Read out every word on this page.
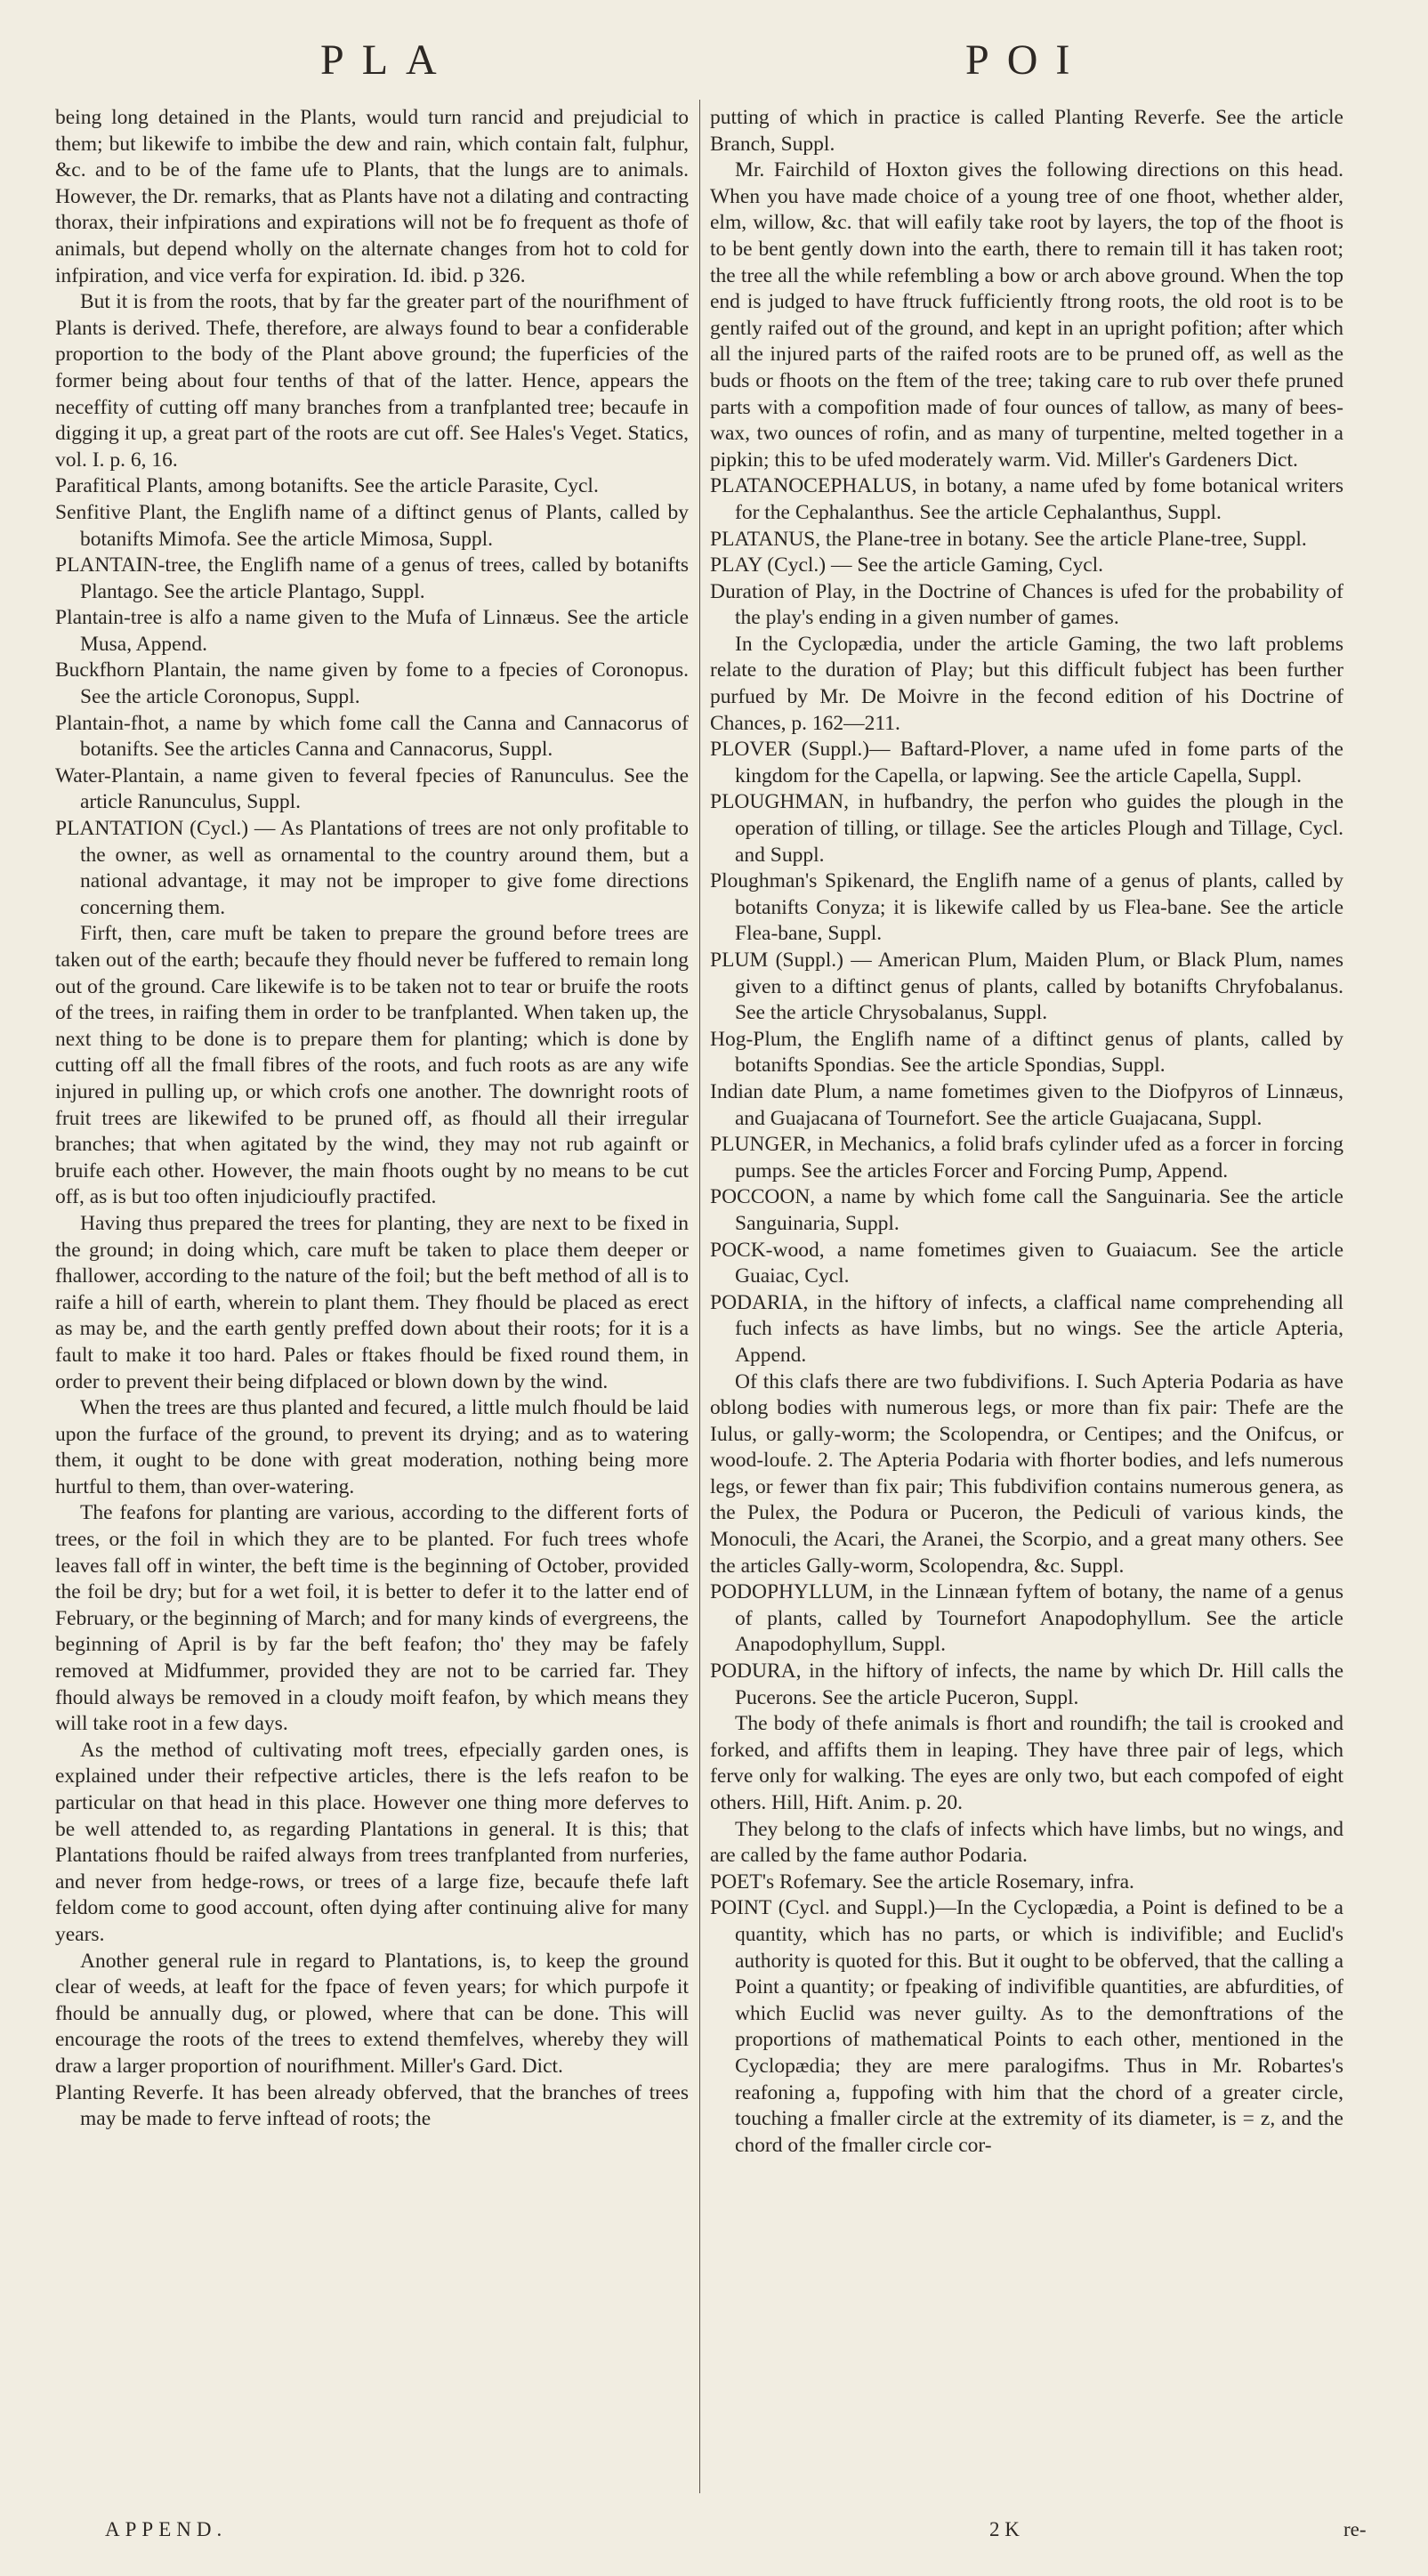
PLA	POI

being long detained in the Plants, would turn rancid and prejudicial to them; but likewife to imbibe the dew and rain, which contain falt, fulphur, &c. and to be of the fame ufe to Plants, that the lungs are to animals. However, the Dr. remarks, that as Plants have not a dilating and contracting thorax, their infpirations and expirations will not be fo frequent as thofe of animals, but depend wholly on the alternate changes from hot to cold for infpiration, and vice verfa for expiration. Id. ibid. p 326.

But it is from the roots, that by far the greater part of the nourifhment of Plants is derived. Thefe, therefore, are always found to bear a confiderable proportion to the body of the Plant above ground; the fuperficies of the former being about four tenths of that of the latter. Hence, appears the neceffity of cutting off many branches from a tranfplanted tree; becaufe in digging it up, a great part of the roots are cut off. See Hales's Veget. Statics, vol. I. p. 6, 16.

Parafitical Plants, among botanifts. See the article Parasite, Cycl.

Senfitive Plant, the Englifh name of a diftinct genus of Plants, called by botanifts Mimofa. See the article Mimosa, Suppl.

PLANTAIN-tree, the Englifh name of a genus of trees, called by botanifts Plantago. See the article Plantago, Suppl.

Plantain-tree is alfo a name given to the Mufa of Linnæus. See the article Musa, Append.

Buckfhorn Plantain, the name given by fome to a fpecies of Coronopus. See the article Coronopus, Suppl.

Plantain-fhot, a name by which fome call the Canna and Cannacorus of botanifts. See the articles Canna and Cannacorus, Suppl.

Water-Plantain, a name given to feveral fpecies of Ranunculus. See the article Ranunculus, Suppl.

PLANTATION (Cycl.) — As Plantations of trees are not only profitable to the owner, as well as ornamental to the country around them, but a national advantage, it may not be improper to give fome directions concerning them.

Firft, then, care muft be taken to prepare the ground before trees are taken out of the earth; becaufe they fhould never be fuffered to remain long out of the ground. Care likewife is to be taken not to tear or bruife the roots of the trees, in raifing them in order to be tranfplanted. When taken up, the next thing to be done is to prepare them for planting; which is done by cutting off all the fmall fibres of the roots, and fuch roots as are any wife injured in pulling up, or which crofs one another. The downright roots of fruit trees are likewifed to be pruned off, as fhould all their irregular branches; that when agitated by the wind, they may not rub againft or bruife each other. However, the main fhoots ought by no means to be cut off, as is but too often injudicioufly practifed.

Having thus prepared the trees for planting, they are next to be fixed in the ground; in doing which, care muft be taken to place them deeper or fhallower, according to the nature of the foil; but the beft method of all is to raife a hill of earth, wherein to plant them. They fhould be placed as erect as may be, and the earth gently preffed down about their roots; for it is a fault to make it too hard. Pales or ftakes fhould be fixed round them, in order to prevent their being difplaced or blown down by the wind.

When the trees are thus planted and fecured, a little mulch fhould be laid upon the furface of the ground, to prevent its drying; and as to watering them, it ought to be done with great moderation, nothing being more hurtful to them, than over-watering.

The feafons for planting are various, according to the different forts of trees, or the foil in which they are to be planted. For fuch trees whofe leaves fall off in winter, the beft time is the beginning of October, provided the foil be dry; but for a wet foil, it is better to defer it to the latter end of February, or the beginning of March; and for many kinds of evergreens, the beginning of April is by far the beft feafon; tho' they may be fafely removed at Midfummer, provided they are not to be carried far. They fhould always be removed in a cloudy moift feafon, by which means they will take root in a few days.

As the method of cultivating moft trees, efpecially garden ones, is explained under their refpective articles, there is the lefs reafon to be particular on that head in this place. However one thing more deferves to be well attended to, as regarding Plantations in general. It is this; that Plantations fhould be raifed always from trees tranfplanted from nurferies, and never from hedge-rows, or trees of a large fize, becaufe thefe laft feldom come to good account, often dying after continuing alive for many years.

Another general rule in regard to Plantations, is, to keep the ground clear of weeds, at leaft for the fpace of feven years; for which purpofe it fhould be annually dug, or plowed, where that can be done. This will encourage the roots of the trees to extend themfelves, whereby they will draw a larger proportion of nourifhment. Miller's Gard. Dict.

Planting Reverfe. It has been already obferved, that the branches of trees may be made to ferve inftead of roots; the

putting of which in practice is called Planting Reverfe. See the article Branch, Suppl.

Mr. Fairchild of Hoxton gives the following directions on this head. When you have made choice of a young tree of one fhoot, whether alder, elm, willow, &c. that will eafily take root by layers, the top of the fhoot is to be bent gently down into the earth, there to remain till it has taken root; the tree all the while refembling a bow or arch above ground. When the top end is judged to have ftruck fufficiently ftrong roots, the old root is to be gently raifed out of the ground, and kept in an upright pofition; after which all the injured parts of the raifed roots are to be pruned off, as well as the buds or fhoots on the ftem of the tree; taking care to rub over thefe pruned parts with a compofition made of four ounces of tallow, as many of bees-wax, two ounces of rofin, and as many of turpentine, melted together in a pipkin; this to be ufed moderately warm. Vid. Miller's Gardeners Dict.

PLATANOCEPHALUS, in botany, a name ufed by fome botanical writers for the Cephalanthus. See the article Cephalanthus, Suppl.

PLATANUS, the Plane-tree in botany. See the article Plane-tree, Suppl.

PLAY (Cycl.) — See the article Gaming, Cycl.

Duration of Play, in the Doctrine of Chances is ufed for the probability of the play's ending in a given number of games.

In the Cyclopædia, under the article Gaming, the two laft problems relate to the duration of Play; but this difficult fubject has been further purfued by Mr. De Moivre in the fecond edition of his Doctrine of Chances, p. 162—211.

PLOVER (Suppl.)— Baftard-Plover, a name ufed in fome parts of the kingdom for the Capella, or lapwing. See the article Capella, Suppl.

PLOUGHMAN, in hufbandry, the perfon who guides the plough in the operation of tilling, or tillage. See the articles Plough and Tillage, Cycl. and Suppl.

Ploughman's Spikenard, the Englifh name of a genus of plants, called by botanifts Conyza; it is likewife called by us Flea-bane. See the article Flea-bane, Suppl.

PLUM (Suppl.) — American Plum, Maiden Plum, or Black Plum, names given to a diftinct genus of plants, called by botanifts Chryfobalanus. See the article Chrysobalanus, Suppl.

Hog-Plum, the Englifh name of a diftinct genus of plants, called by botanifts Spondias. See the article Spondias, Suppl.

Indian date Plum, a name fometimes given to the Diofpyros of Linnæus, and Guajacana of Tournefort. See the article Guajacana, Suppl.

PLUNGER, in Mechanics, a folid brafs cylinder ufed as a forcer in forcing pumps. See the articles Forcer and Forcing Pump, Append.

POCCOON, a name by which fome call the Sanguinaria. See the article Sanguinaria, Suppl.

POCK-wood, a name fometimes given to Guaiacum. See the article Guaiac, Cycl.

PODARIA, in the hiftory of infects, a claffical name comprehending all fuch infects as have limbs, but no wings. See the article Apteria, Append.

Of this clafs there are two fubdivifions. I. Such Apteria Podaria as have oblong bodies with numerous legs, or more than fix pair: Thefe are the Iulus, or gally-worm; the Scolopendra, or Centipes; and the Onifcus, or wood-loufe. 2. The Apteria Podaria with fhorter bodies, and lefs numerous legs, or fewer than fix pair; This fubdivifion contains numerous genera, as the Pulex, the Podura or Puceron, the Pediculi of various kinds, the Monoculi, the Acari, the Aranei, the Scorpio, and a great many others. See the articles Gally-worm, Scolopendra, &c. Suppl.

PODOPHYLLUM, in the Linnæan fyftem of botany, the name of a genus of plants, called by Tournefort Anapodophyllum. See the article Anapodophyllum, Suppl.

PODURA, in the hiftory of infects, the name by which Dr. Hill calls the Pucerons. See the article Puceron, Suppl.

The body of thefe animals is fhort and roundifh; the tail is crooked and forked, and affifts them in leaping. They have three pair of legs, which ferve only for walking. The eyes are only two, but each compofed of eight others. Hill, Hift. Anim. p. 20.

They belong to the clafs of infects which have limbs, but no wings, and are called by the fame author Podaria.

POET's Rofemary. See the article Rosemary, infra.

POINT (Cycl. and Suppl.)—In the Cyclopædia, a Point is defined to be a quantity, which has no parts, or which is indivifible; and Euclid's authority is quoted for this. But it ought to be obferved, that the calling a Point a quantity; or fpeaking of indivifible quantities, are abfurdities, of which Euclid was never guilty. As to the demonftrations of the proportions of mathematical Points to each other, mentioned in the Cyclopædia; they are mere paralogifms. Thus in Mr. Robartes's reafoning a, fuppofing with him that the chord of a greater circle, touching a fmaller circle at the extremity of its diameter, is = z, and the chord of the fmaller circle cor-

APPEND.	2 K	re-
